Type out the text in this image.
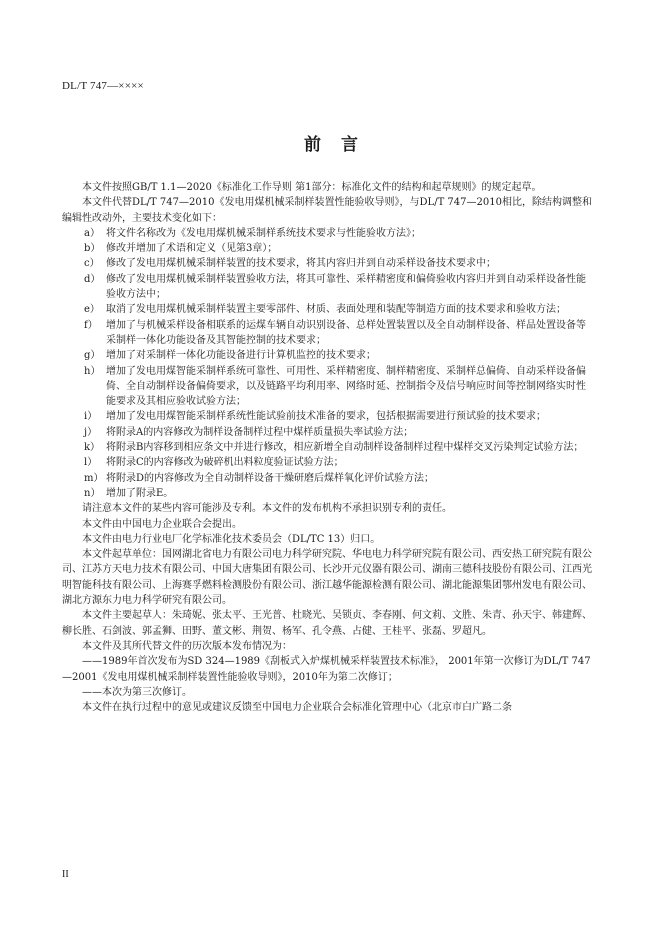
DL/T 747—××××
前言

本文件按照GB/T 1.1—2020《标准化工作导则 第1部分：标准化文件的结构和起草规则》的规定起草。

本文件代替DL/T 747—2010《发电用煤机械采制样装置性能验收导则》，与DL/T 747—2010相比，除结构调整和编辑性改动外，主要技术变化如下：

a） 将文件名称改为《发电用煤机械采制样系统技术要求与性能验收方法》；
b） 修改并增加了术语和定义（见第3章）；
c） 修改了发电用煤机械采制样装置的技术要求，将其内容归并到自动采样设备技术要求中；
d） 修改了发电用煤机械采制样装置验收方法，将其可靠性、采样精密度和偏倚验收内容归并到自动采样设备性能验收方法中；
e） 取消了发电用煤机械采制样装置主要零部件、材质、表面处理和装配等制造方面的技术要求和验收方法；
f） 增加了与机械采样设备相联系的运煤车辆自动识别设备、总样处置装置以及全自动制样设备、样品处置设备等采制样一体化功能设备及其智能控制的技术要求；
g） 增加了对采制样一体化功能设备进行计算机监控的技术要求；
h） 增加了发电用煤智能采制样系统可靠性、可用性、采样精密度、制样精密度、采制样总偏倚、自动采样设备偏倚、全自动制样设备偏倚要求，以及链路平均利用率、网络时延、控制指令及信号响应时间等控制网络实时性能要求及其相应验收试验方法；
i） 增加了发电用煤智能采制样系统性能试验前技术准备的要求，包括根据需要进行预试验的技术要求；
j） 将附录A的内容修改为制样设备制样过程中煤样质量损失率试验方法；
k） 将附录B内容移到相应条文中并进行修改，相应新增全自动制样设备制样过程中煤样交叉污染判定试验方法；
l） 将附录C的内容修改为破碎机出料粒度验证试验方法；
m） 将附录D的内容修改为全自动制样设备干燥研磨后煤样氧化评价试验方法；
n） 增加了附录E。

请注意本文件的某些内容可能涉及专利。本文件的发布机构不承担识别专利的责任。

本文件由中国电力企业联合会提出。

本文件由电力行业电厂化学标准化技术委员会（DL/TC 13）归口。

本文件起草单位：国网湖北省电力有限公司电力科学研究院、华电电力科学研究院有限公司、西安热工研究院有限公司、江苏方天电力技术有限公司、中国大唐集团有限公司、长沙开元仪器有限公司、湖南三德科技股份有限公司、江西光明智能科技有限公司、上海赛孚燃料检测股份有限公司、浙江越华能源检测有限公司、湖北能源集团鄂州发电有限公司、湖北方源东力电力科学研究有限公司。

本文件主要起草人：朱琦妮、张太平、王光普、杜晓光、吴锁贞、李春刚、何文莉、文胜、朱青、孙天宇、韩建辉、柳长胜、石剑波、郭孟狮、田野、董文彬、荆贺、杨军、孔令燕、占健、王桂平、张磊、罗超凡。

本文件及其所代替文件的历次版本发布情况为：

——1989年首次发布为SD 324—1989《刮板式入炉煤机械采样装置技术标准》， 2001年第一次修订为DL/T 747—2001《发电用煤机械采制样装置性能验收导则》，2010年为第二次修订；

——本次为第三次修订。

本文件在执行过程中的意见或建议反馈至中国电力企业联合会标准化管理中心（北京市白广路二条

II
